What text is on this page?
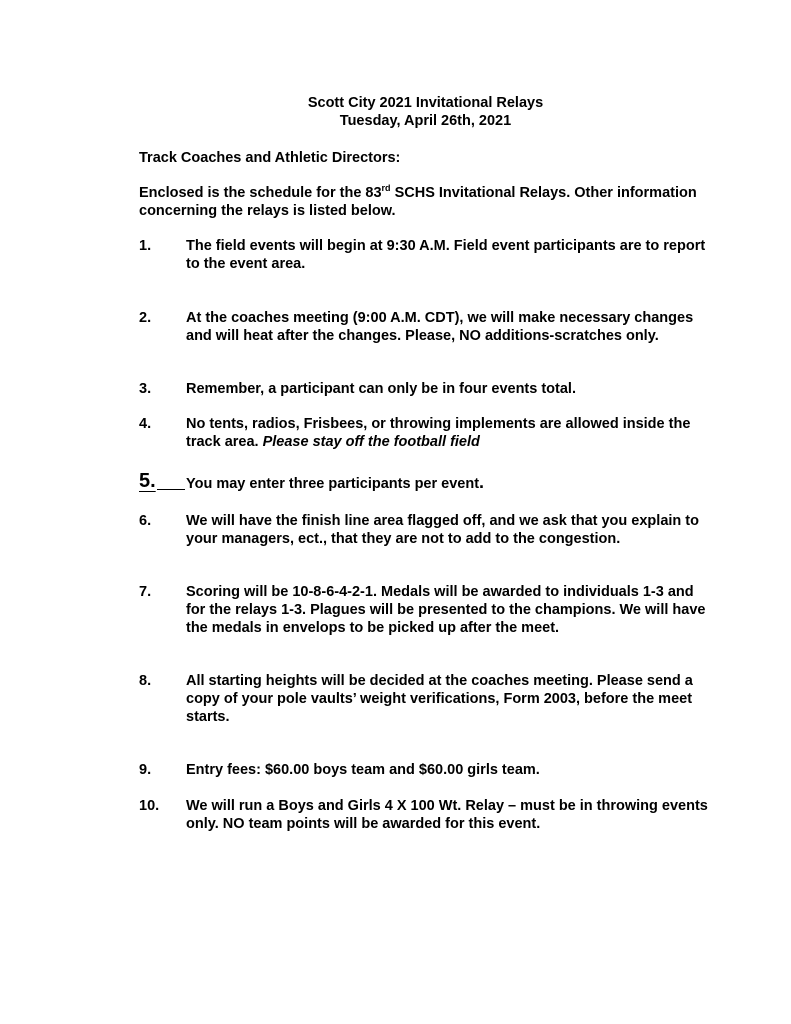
Scott City 2021 Invitational Relays
Tuesday, April 26th, 2021
Track Coaches and Athletic Directors:
Enclosed is the schedule for the 83rd SCHS Invitational Relays. Other information concerning the relays is listed below.
1.	The field events will begin at 9:30 A.M. Field event participants are to report
to the event area.
2.	At the coaches meeting (9:00 A.M. CDT), we will make necessary changes and will heat after the changes. Please, NO additions-scratches only.
3.	Remember, a participant can only be in four events total.
4.	No tents, radios, Frisbees, or throwing implements are allowed inside the track area. Please stay off the football field
5.	You may enter three participants per event.
6.	We will have the finish line area flagged off, and we ask that you explain to your managers, ect., that they are not to add to the congestion.
7.	Scoring will be 10-8-6-4-2-1. Medals will be awarded to individuals 1-3 and for the relays 1-3. Plagues will be presented to the champions. We will have the medals in envelops to be picked up after the meet.
8.	All starting heights will be decided at the coaches meeting. Please send a copy of your pole vaults’ weight verifications, Form 2003, before the meet starts.
9.	Entry fees: $60.00 boys team and $60.00 girls team.
10.	We will run a Boys and Girls 4 X 100 Wt. Relay – must be in throwing events only. NO team points will be awarded for this event.
